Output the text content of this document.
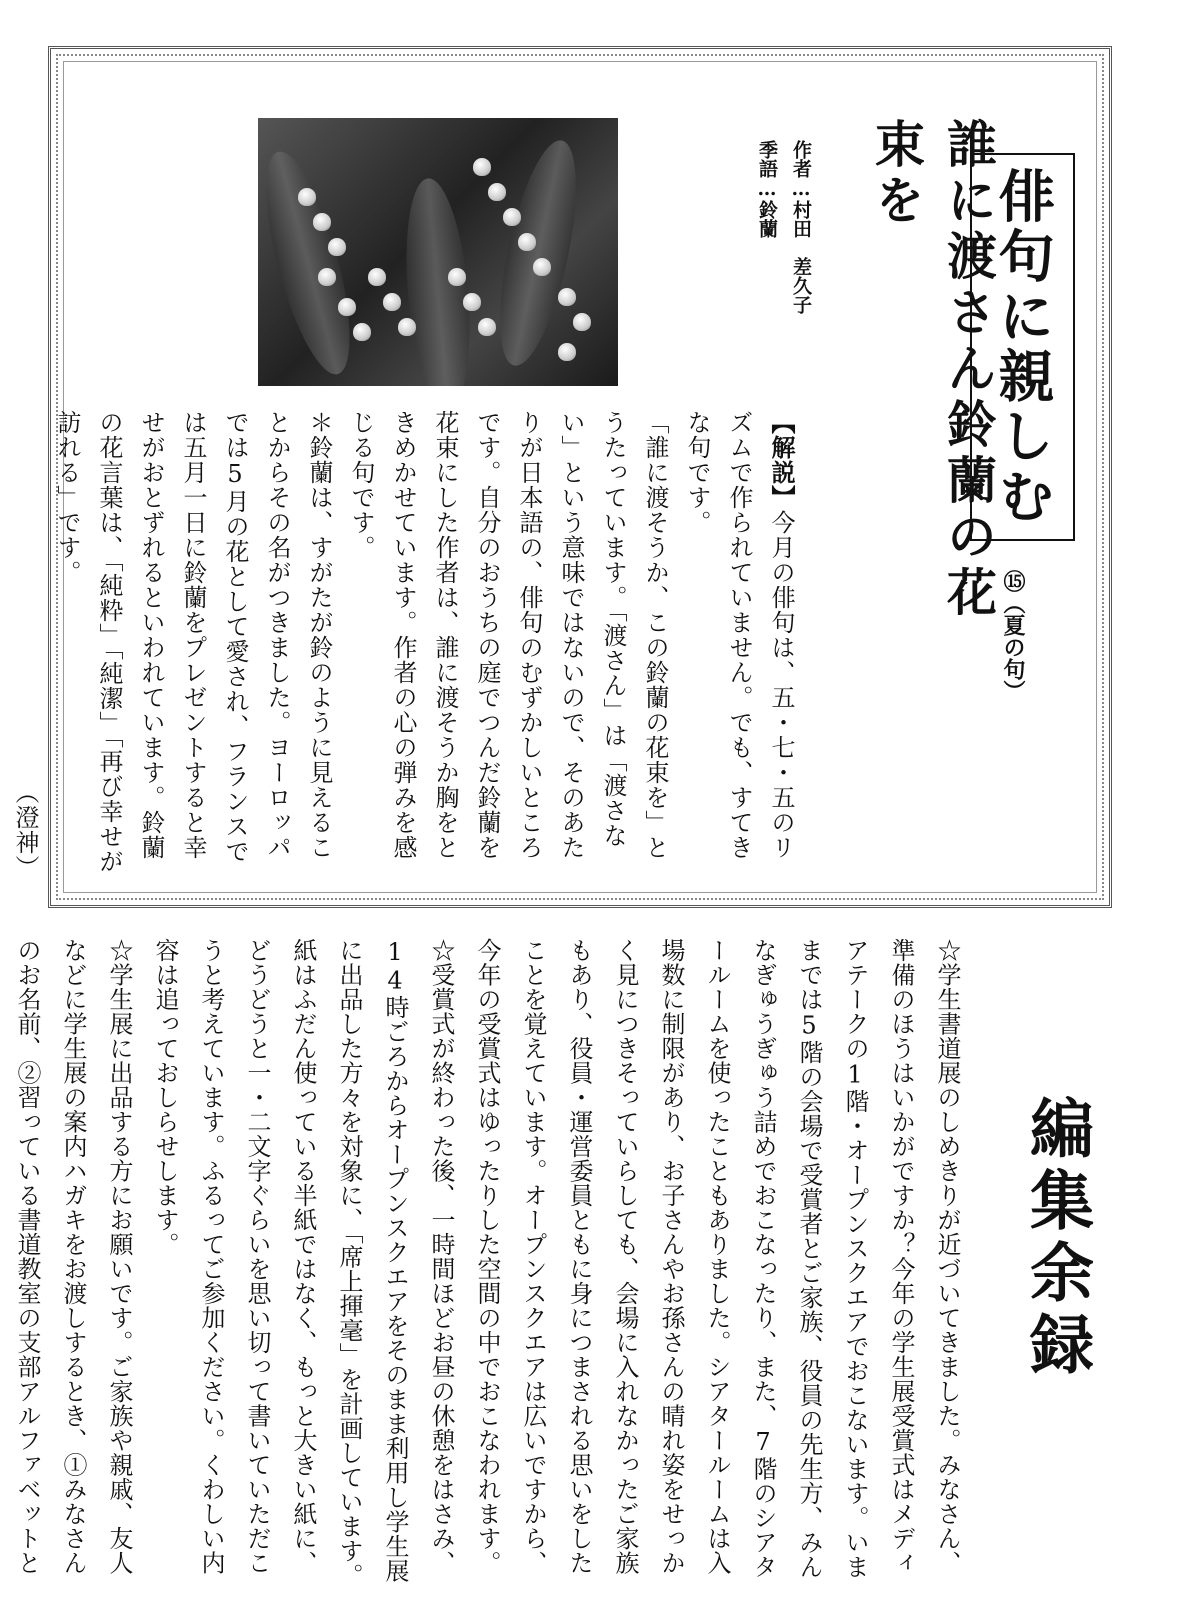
俳句に親しむ
⑮（夏の句）
誰に渡さん鈴蘭の花束を
作者…村田　差久子
季語…鈴蘭

【解説】今月の俳句は、五・七・五のリズムで作られていません。でも、すてきな句です。

「誰に渡そうか、この鈴蘭の花束を」とうたっています。「渡さん」は「渡さない」という意味ではないので、そのあたりが日本語の、俳句のむずかしいところです。自分のおうちの庭でつんだ鈴蘭を花束にした作者は、誰に渡そうか胸をときめかせています。作者の心の弾みを感じる句です。

＊鈴蘭は、すがたが鈴のように見えることからその名がつきました。ヨーロッパでは5月の花として愛され、フランスでは五月一日に鈴蘭をプレゼントすると幸せがおとずれるといわれています。鈴蘭の花言葉は、「純粋」「純潔」「再び幸せが訪れる」です。

（澄神）
編集余録

☆学生書道展のしめきりが近づいてきました。みなさん、準備のほうはいかがですか？今年の学生展受賞式はメディアテークの1階・オープンスクエアでおこないます。いままでは5階の会場で受賞者とご家族、役員の先生方、みんなぎゅうぎゅう詰めでおこなったり、また、7階のシアタールームを使ったこともありました。シアタールームは入場数に制限があり、お子さんやお孫さんの晴れ姿をせっかく見につきそっていらしても、会場に入れなかったご家族もあり、役員・運営委員ともに身につまされる思いをしたことを覚えています。オープンスクエアは広いですから、今年の受賞式はゆったりした空間の中でおこなわれます。

☆受賞式が終わった後、一時間ほどお昼の休憩をはさみ、14時ごろからオープンスクエアをそのまま利用し学生展に出品した方々を対象に、「席上揮毫」を計画しています。紙はふだん使っている半紙ではなく、もっと大きい紙に、どうどうと一・二文字ぐらいを思い切って書いていただこうと考えています。ふるってご参加ください。くわしい内容は追っておしらせします。

☆学生展に出品する方にお願いです。ご家族や親戚、友人などに学生展の案内ハガキをお渡しするとき、①みなさんのお名前、②習っている書道教室の支部アルファベットと
